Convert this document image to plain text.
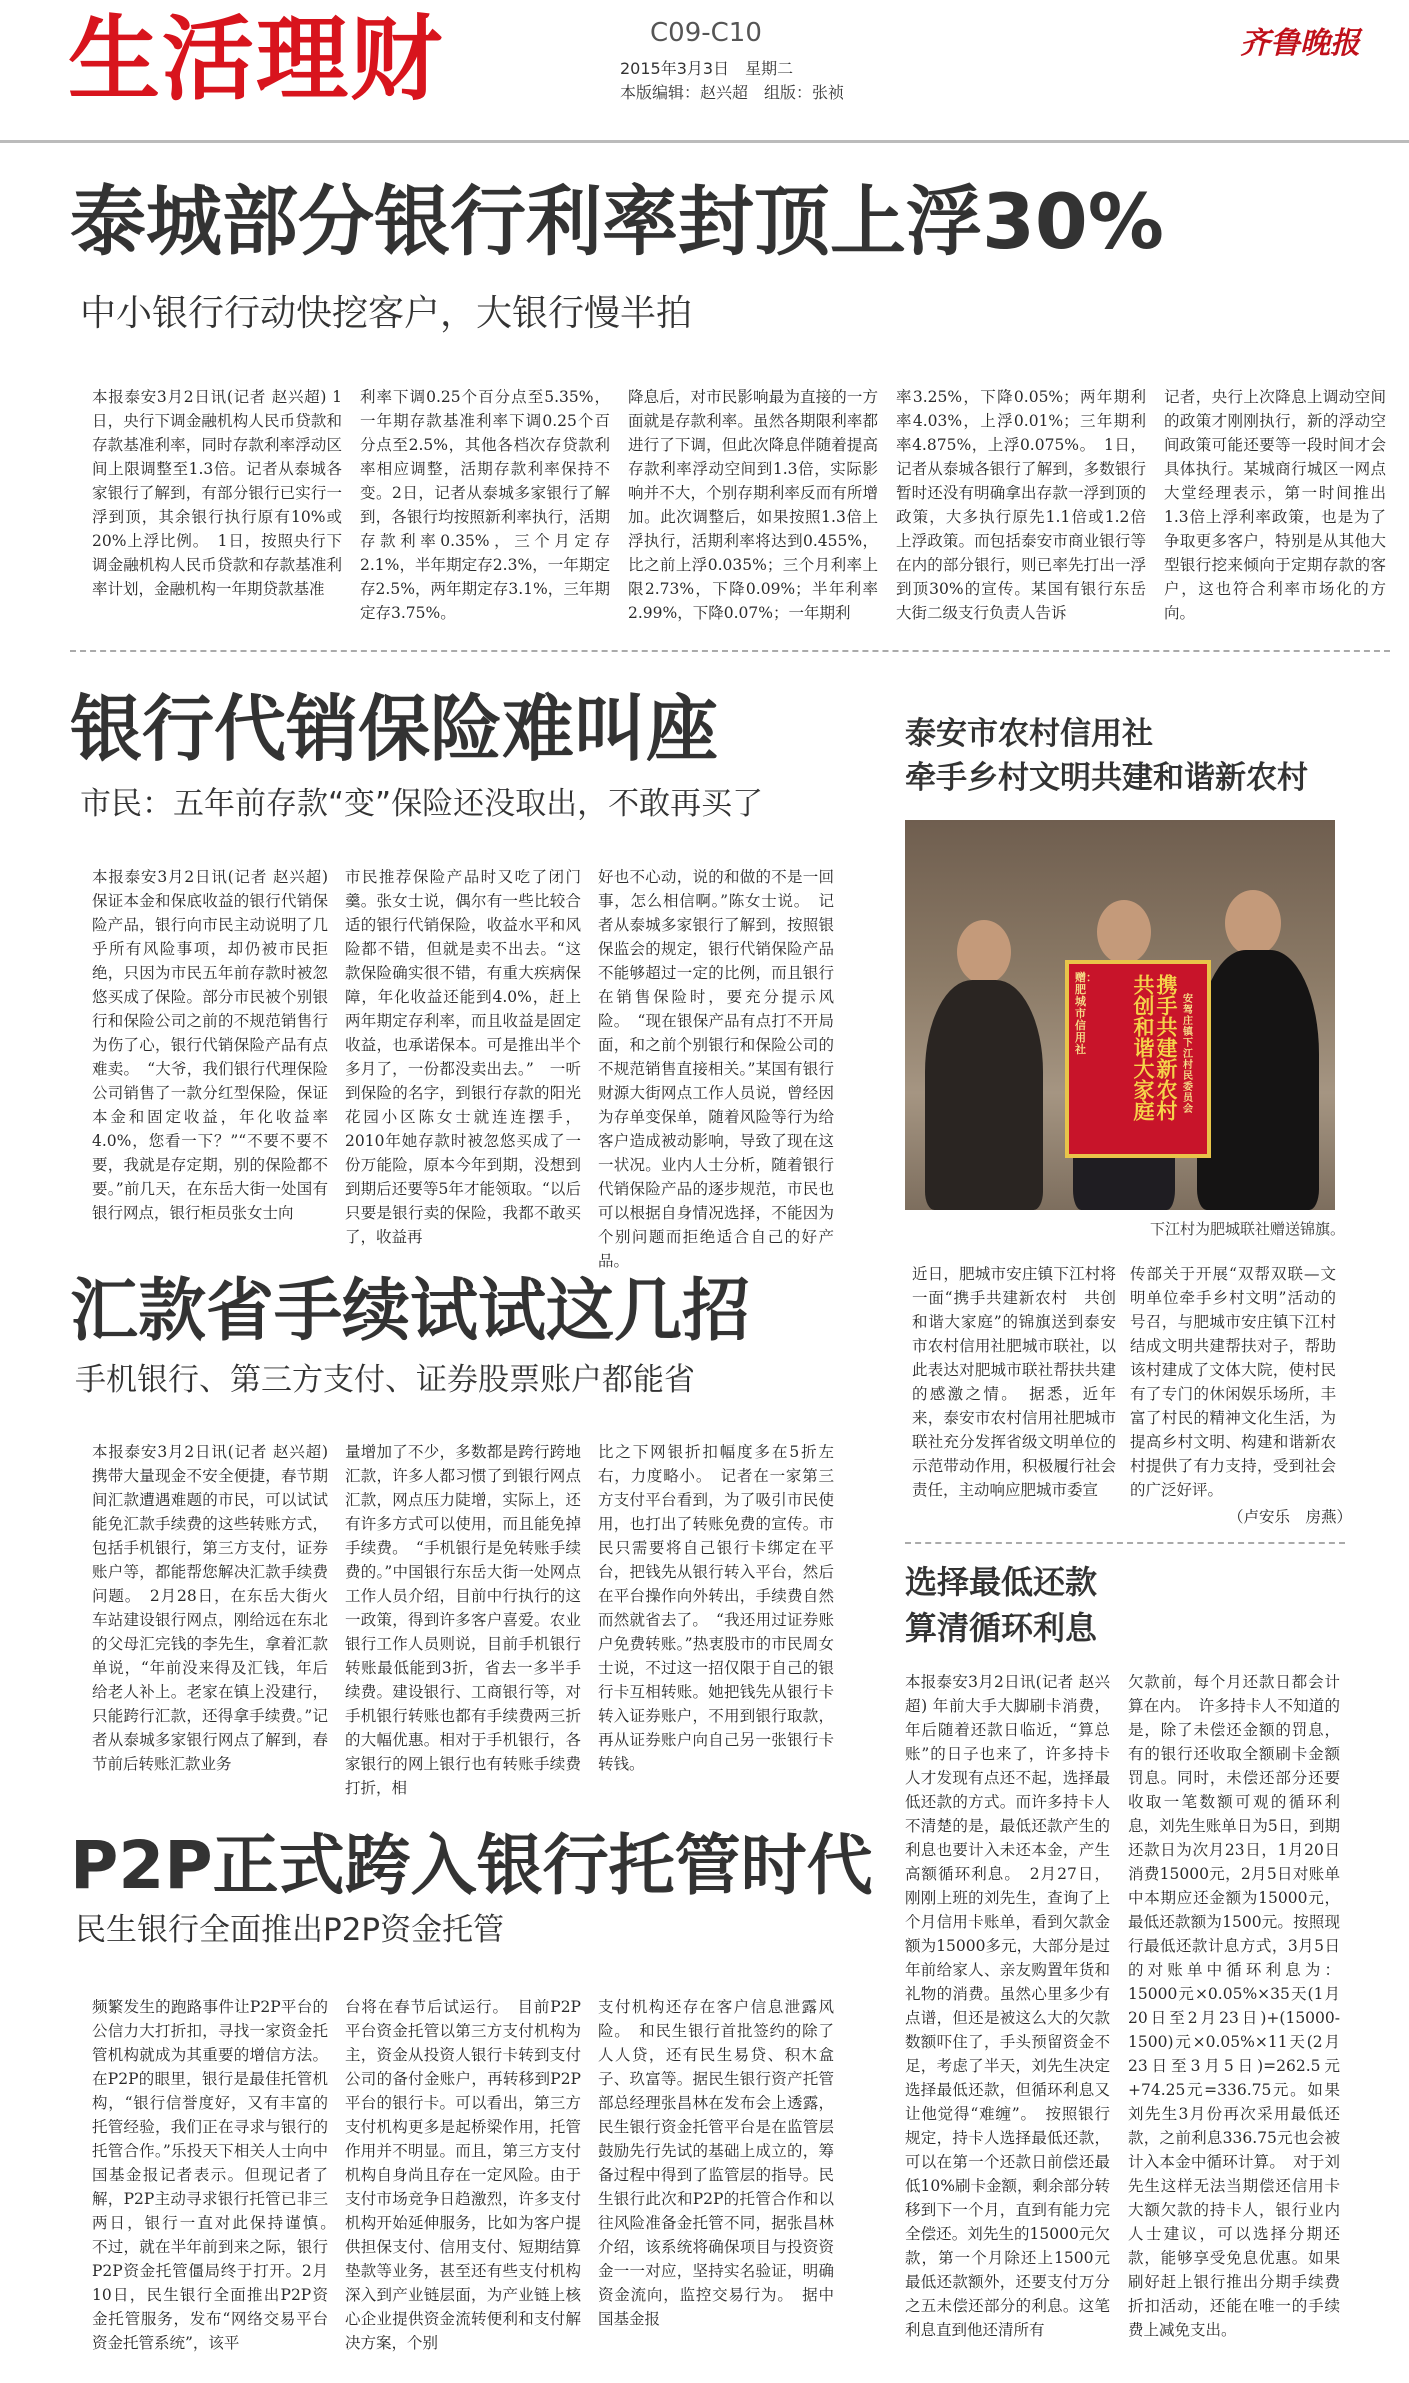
生活理财	C09-C10
2015年3月3日　星期二
本版编辑：赵兴超　组版：张祯
齐鲁晚报
泰城部分银行利率封顶上浮30%
中小银行行动快挖客户，大银行慢半拍
本报泰安3月2日讯(记者 赵兴超) 1日，央行下调金融机构人民币贷款和存款基准利率，同时存款利率浮动区间上限调整至1.3倍。记者从泰城各家银行了解到，有部分银行已实行一浮到顶，其余银行执行原有10%或20%上浮比例。　1日，按照央行下调金融机构人民币贷款和存款基准利率计划，金融机构一年期贷款基准
利率下调0.25个百分点至5.35%，一年期存款基准利率下调0.25个百分点至2.5%，其他各档次存贷款利率相应调整，活期存款利率保持不变。2日，记者从泰城多家银行了解到，各银行均按照新利率执行，活期存款利率0.35%，三个月定存2.1%，半年期定存2.3%，一年期定存2.5%，两年期定存3.1%，三年期定存3.75%。
降息后，对市民影响最为直接的一方面就是存款利率。虽然各期限利率都进行了下调，但此次降息伴随着提高存款利率浮动空间到1.3倍，实际影响并不大，个别存期利率反而有所增加。此次调整后，如果按照1.3倍上浮执行，活期利率将达到0.455%，比之前上浮0.035%；三个月利率上限2.73%，下降0.09%；半年利率2.99%，下降0.07%；一年期利
率3.25%，下降0.05%；两年期利率4.03%，上浮0.01%；三年期利率4.875%，上浮0.075%。　1日，记者从泰城各银行了解到，多数银行暂时还没有明确拿出存款一浮到顶的政策，大多执行原先1.1倍或1.2倍上浮政策。而包括泰安市商业银行等在内的部分银行，则已率先打出一浮到顶30%的宣传。某国有银行东岳大街二级支行负责人告诉
记者，央行上次降息上调动空间的政策才刚刚执行，新的浮动空间政策可能还要等一段时间才会具体执行。某城商行城区一网点大堂经理表示，第一时间推出1.3倍上浮利率政策，也是为了争取更多客户，特别是从其他大型银行挖来倾向于定期存款的客户，这也符合利率市场化的方向。
银行代销保险难叫座
市民：五年前存款“变”保险还没取出，不敢再买了
本报泰安3月2日讯(记者 赵兴超) 保证本金和保底收益的银行代销保险产品，银行向市民主动说明了几乎所有风险事项，却仍被市民拒绝，只因为市民五年前存款时被忽悠买成了保险。部分市民被个别银行和保险公司之前的不规范销售行为伤了心，银行代销保险产品有点难卖。　“大爷，我们银行代理保险公司销售了一款分红型保险，保证本金和固定收益，年化收益率4.0%，您看一下？”“不要不要不要，我就是存定期，别的保险都不要。”前几天，在东岳大街一处国有银行网点，银行柜员张女士向
市民推荐保险产品时又吃了闭门羹。张女士说，偶尔有一些比较合适的银行代销保险，收益水平和风险都不错，但就是卖不出去。“这款保险确实很不错，有重大疾病保障，年化收益还能到4.0%，赶上两年期定存利率，而且收益是固定收益，也承诺保本。可是推出半个多月了，一份都没卖出去。”　一听到保险的名字，到银行存款的阳光花园小区陈女士就连连摆手，2010年她存款时被忽悠买成了一份万能险，原本今年到期，没想到到期后还要等5年才能领取。“以后只要是银行卖的保险，我都不敢买了，收益再
好也不心动，说的和做的不是一回事，怎么相信啊。”陈女士说。　记者从泰城多家银行了解到，按照银保监会的规定，银行代销保险产品不能够超过一定的比例，而且银行在销售保险时，要充分提示风险。　“现在银保产品有点打不开局面，和之前个别银行和保险公司的不规范销售直接相关。”某国有银行财源大街网点工作人员说，曾经因为存单变保单，随着风险等行为给客户造成被动影响，导致了现在这一状况。业内人士分析，随着银行代销保险产品的逐步规范，市民也可以根据自身情况选择，不能因为个别问题而拒绝适合自己的好产品。
泰安市农村信用社
牵手乡村文明共建和谐新农村
赠：肥城市信用社	携手共建新农村　共创和谐大家庭	安驾庄镇下江村民委员会
下江村为肥城联社赠送锦旗。
近日，肥城市安庄镇下江村将一面“携手共建新农村　共创和谐大家庭”的锦旗送到泰安市农村信用社肥城市联社，以此表达对肥城市联社帮扶共建的感激之情。　据悉，近年来，泰安市农村信用社肥城市联社充分发挥省级文明单位的示范带动作用，积极履行社会责任，主动响应肥城市委宣
传部关于开展“双帮双联—文明单位牵手乡村文明”活动的号召，与肥城市安庄镇下江村结成文明共建帮扶对子，帮助该村建成了文体大院，使村民有了专门的休闲娱乐场所，丰富了村民的精神文化生活，为提高乡村文明、构建和谐新农村提供了有力支持，受到社会的广泛好评。
（卢安乐　房燕）
汇款省手续试试这几招
手机银行、第三方支付、证券股票账户都能省
本报泰安3月2日讯(记者 赵兴超) 携带大量现金不安全便捷，春节期间汇款遭遇难题的市民，可以试试能免汇款手续费的这些转账方式，包括手机银行，第三方支付，证券账户等，都能帮您解决汇款手续费问题。　2月28日，在东岳大街火车站建设银行网点，刚给远在东北的父母汇完钱的李先生，拿着汇款单说，“年前没来得及汇钱，年后给老人补上。老家在镇上没建行，只能跨行汇款，还得拿手续费。”记者从泰城多家银行网点了解到，春节前后转账汇款业务
量增加了不少，多数都是跨行跨地汇款，许多人都习惯了到银行网点汇款，网点压力陡增，实际上，还有许多方式可以使用，而且能免掉手续费。　“手机银行是免转账手续费的。”中国银行东岳大街一处网点工作人员介绍，目前中行执行的这一政策，得到许多客户喜爱。农业银行工作人员则说，目前手机银行转账最低能到3折，省去一多半手续费。建设银行、工商银行等，对手机银行转账也都有手续费两三折的大幅优惠。相对于手机银行，各家银行的网上银行也有转账手续费打折，相
比之下网银折扣幅度多在5折左右，力度略小。　记者在一家第三方支付平台看到，为了吸引市民使用，也打出了转账免费的宣传。市民只需要将自己银行卡绑定在平台，把钱先从银行转入平台，然后在平台操作向外转出，手续费自然而然就省去了。　“我还用过证券账户免费转账。”热衷股市的市民周女士说，不过这一招仅限于自己的银行卡互相转账。她把钱先从银行卡转入证券账户，不用到银行取款，再从证券账户向自己另一张银行卡转钱。
选择最低还款
算清循环利息
本报泰安3月2日讯(记者 赵兴超) 年前大手大脚刷卡消费，年后随着还款日临近，“算总账”的日子也来了，许多持卡人才发现有点还不起，选择最低还款的方式。而许多持卡人不清楚的是，最低还款产生的利息也要计入未还本金，产生高额循环利息。　2月27日，刚刚上班的刘先生，查询了上个月信用卡账单，看到欠款金额为15000多元，大部分是过年前给家人、亲友购置年货和礼物的消费。虽然心里多少有点谱，但还是被这么大的欠款数额吓住了，手头预留资金不足，考虑了半天，刘先生决定选择最低还款，但循环利息又让他觉得“难缠”。　按照银行规定，持卡人选择最低还款，可以在第一个还款日前偿还最低10%刷卡金额，剩余部分转移到下一个月，直到有能力完全偿还。刘先生的15000元欠款，第一个月除还上1500元最低还款额外，还要支付万分之五未偿还部分的利息。这笔利息直到他还清所有
欠款前，每个月还款日都会计算在内。　许多持卡人不知道的是，除了未偿还金额的罚息，有的银行还收取全额刷卡金额罚息。同时，未偿还部分还要收取一笔数额可观的循环利息，刘先生账单日为5日，到期还款日为次月23日，1月20日消费15000元，2月5日对账单中本期应还金额为15000元，最低还款额为1500元。按照现行最低还款计息方式，3月5日的对账单中循环利息为：15000元×0.05%×35天(1月20日至2月23日)+(15000-1500)元×0.05%×11天(2月23日至3月5日)=262.5元+74.25元=336.75元。如果刘先生3月份再次采用最低还款，之前利息336.75元也会被计入本金中循环计算。　对于刘先生这样无法当期偿还信用卡大额欠款的持卡人，银行业内人士建议，可以选择分期还款，能够享受免息优惠。如果刷好赶上银行推出分期手续费折扣活动，还能在唯一的手续费上减免支出。
P2P正式跨入银行托管时代
民生银行全面推出P2P资金托管
频繁发生的跑路事件让P2P平台的公信力大打折扣，寻找一家资金托管机构就成为其重要的增信方法。在P2P的眼里，银行是最佳托管机构，“银行信誉度好，又有丰富的托管经验，我们正在寻求与银行的托管合作。”乐投天下相关人士向中国基金报记者表示。但现记者了解，P2P主动寻求银行托管已非三两日，银行一直对此保持谨慎。　不过，就在半年前到来之际，银行P2P资金托管僵局终于打开。2月10日，民生银行全面推出P2P资金托管服务，发布“网络交易平台资金托管系统”，该平
台将在春节后试运行。　目前P2P平台资金托管以第三方支付机构为主，资金从投资人银行卡转到支付公司的备付金账户，再转移到P2P平台的银行卡。可以看出，第三方支付机构更多是起桥梁作用，托管作用并不明显。而且，第三方支付机构自身尚且存在一定风险。由于支付市场竞争日趋激烈，许多支付机构开始延伸服务，比如为客户提供担保支付、信用支付、短期结算垫款等业务，甚至还有些支付机构深入到产业链层面，为产业链上核心企业提供资金流转便利和支付解决方案，个别
支付机构还存在客户信息泄露风险。　和民生银行首批签约的除了人人贷，还有民生易贷、积木盒子、玖富等。据民生银行资产托管部总经理张昌林在发布会上透露，民生银行资金托管平台是在监管层鼓励先行先试的基础上成立的，筹备过程中得到了监管层的指导。民生银行此次和P2P的托管合作和以往风险准备金托管不同，据张昌林介绍，该系统将确保项目与投资资金一一对应，坚持实名验证，明确资金流向，监控交易行为。　据中国基金报
